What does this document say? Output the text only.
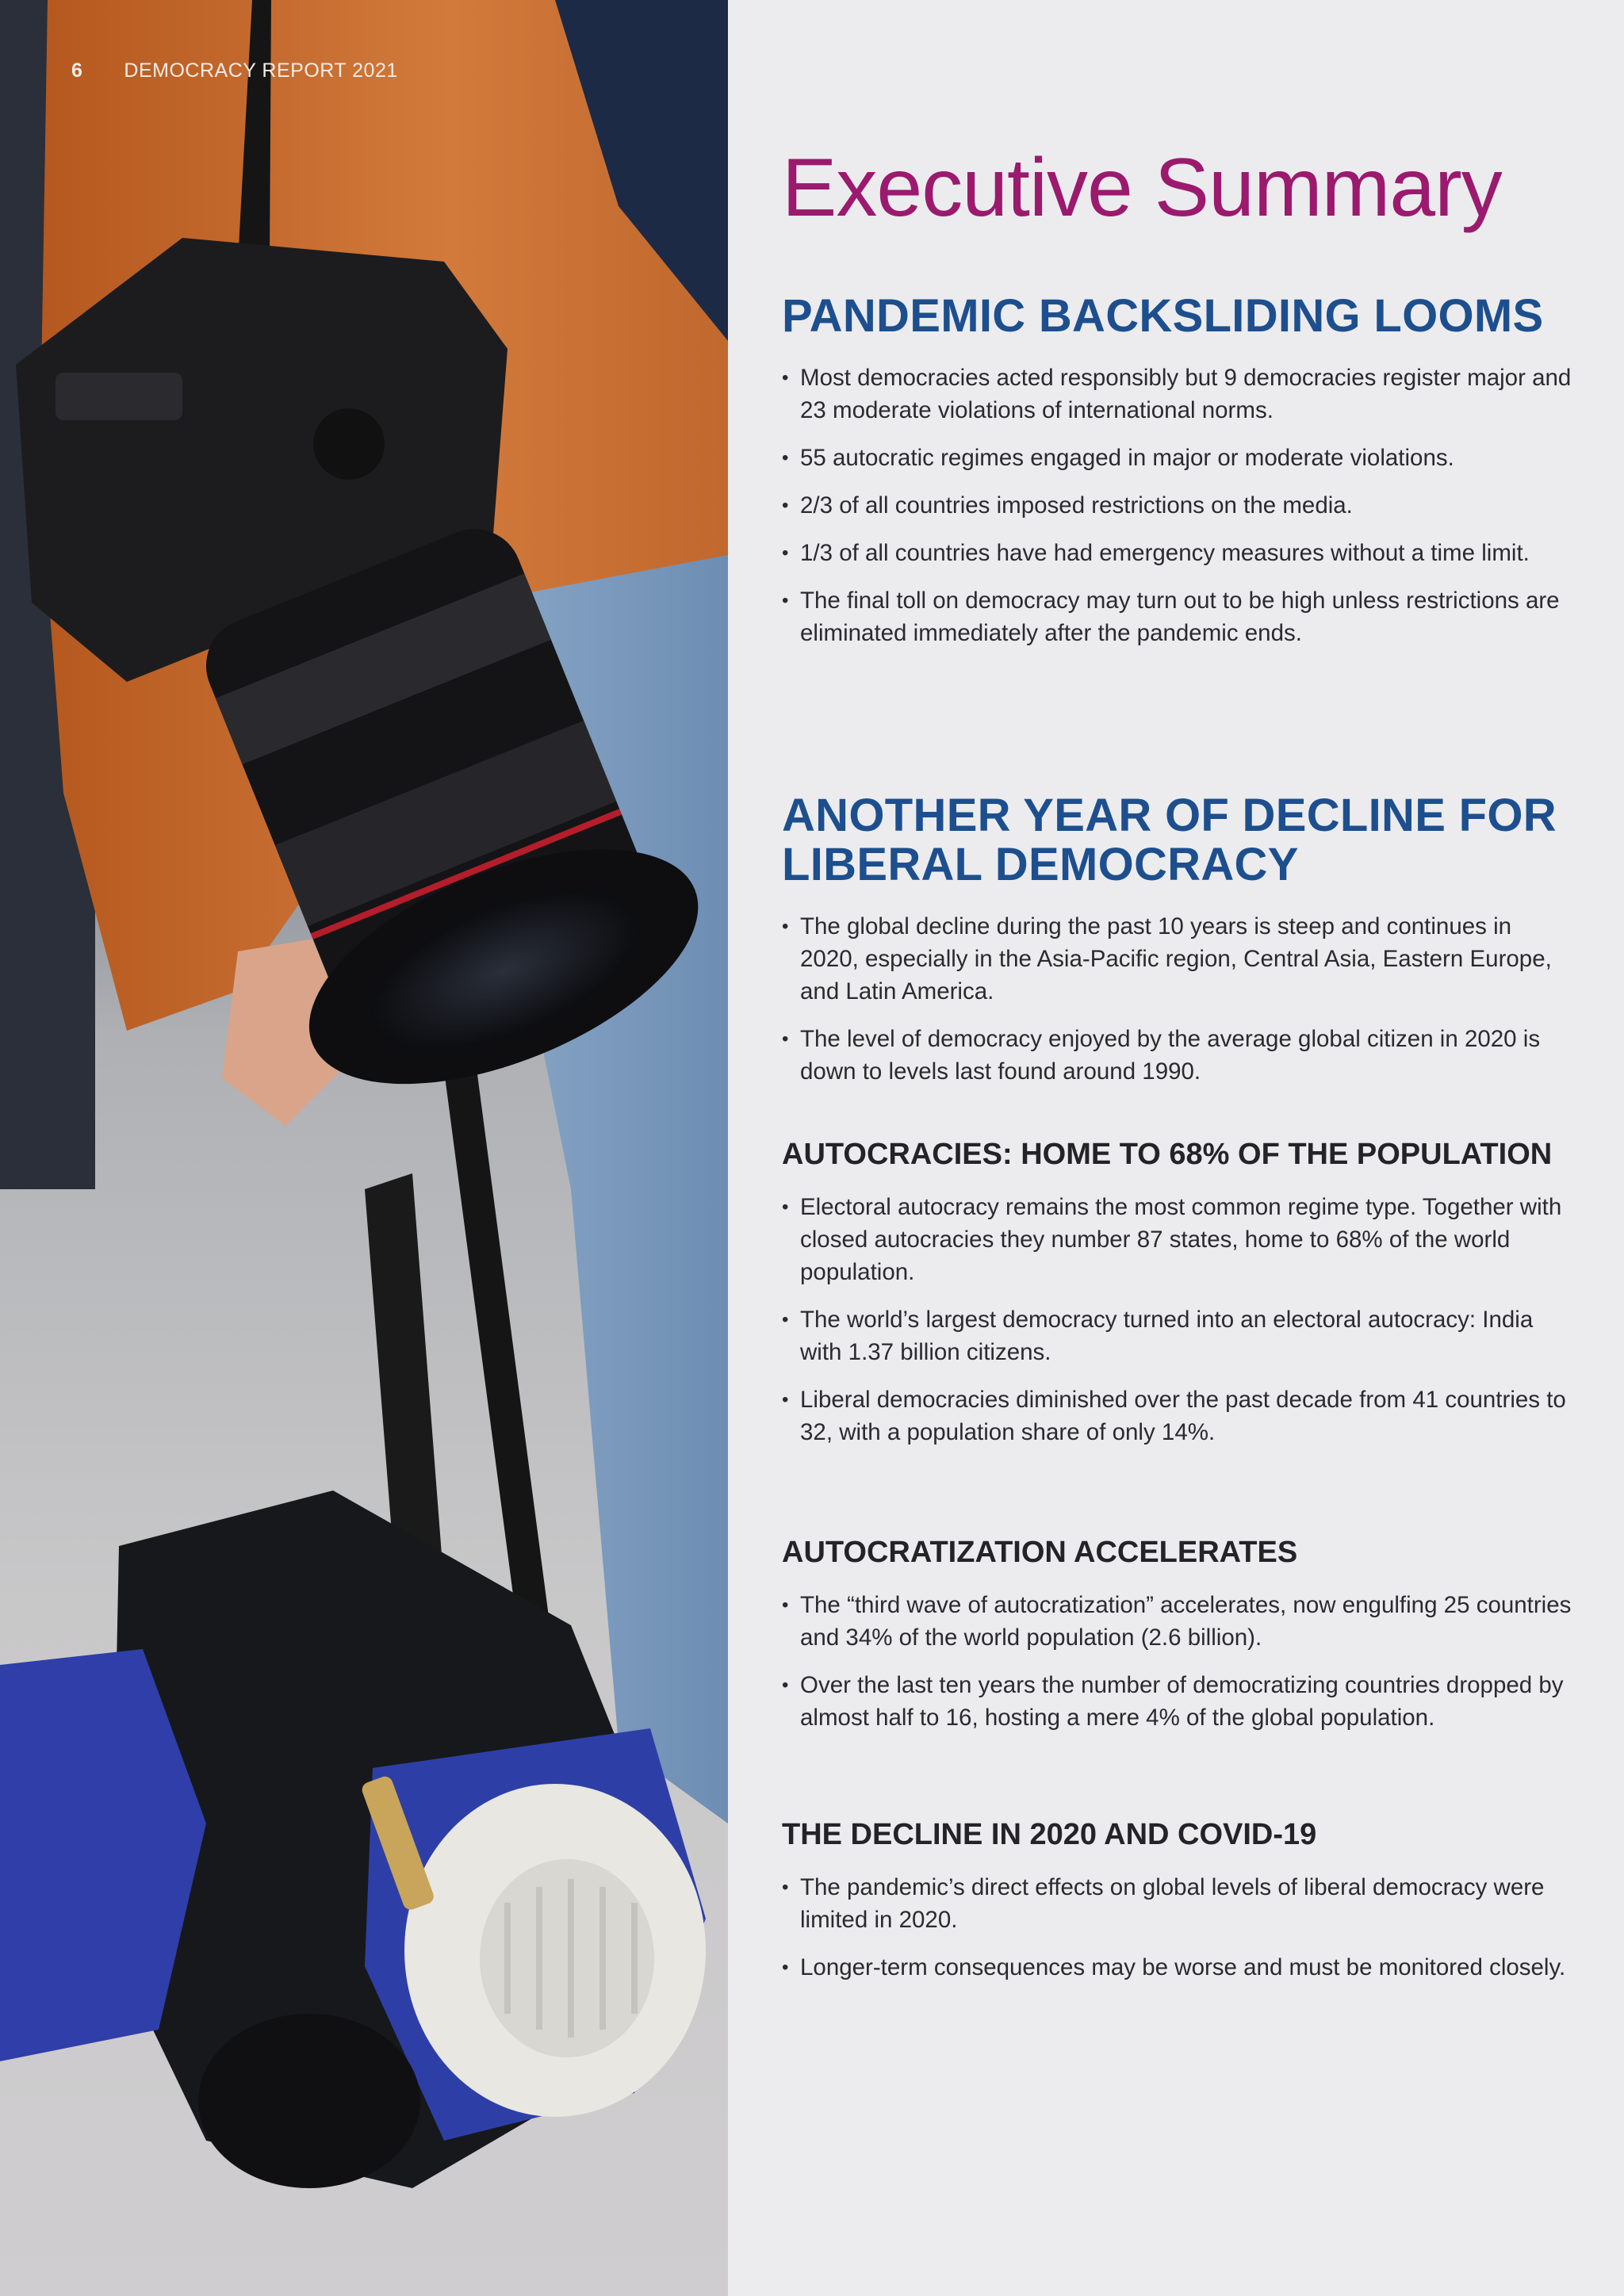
6 DEMOCRACY REPORT 2021
Executive Summary
PANDEMIC BACKSLIDING LOOMS
• Most democracies acted responsibly but 9 democracies register major and 23 moderate violations of international norms.
• 55 autocratic regimes engaged in major or moderate violations.
• 2/3 of all countries imposed restrictions on the media.
• 1/3 of all countries have had emergency measures without a time limit.
• The final toll on democracy may turn out to be high unless restrictions are eliminated immediately after the pandemic ends.
ANOTHER YEAR OF DECLINE FOR LIBERAL DEMOCRACY
• The global decline during the past 10 years is steep and continues in 2020, especially in the Asia-Pacific region, Central Asia, Eastern Europe, and Latin America.
• The level of democracy enjoyed by the average global citizen in 2020 is down to levels last found around 1990.
AUTOCRACIES: HOME TO 68% OF THE POPULATION
• Electoral autocracy remains the most common regime type. Together with closed autocracies they number 87 states, home to 68% of the world population.
• The world’s largest democracy turned into an electoral autocracy: India with 1.37 billion citizens.
• Liberal democracies diminished over the past decade from 41 countries to 32, with a population share of only 14%.
AUTOCRATIZATION ACCELERATES
• The “third wave of autocratization” accelerates, now engulfing 25 countries and 34% of the world population (2.6 billion).
• Over the last ten years the number of democratizing countries dropped by almost half to 16, hosting a mere 4% of the global population.
THE DECLINE IN 2020 AND COVID-19
• The pandemic’s direct effects on global levels of liberal democracy were limited in 2020.
• Longer-term consequences may be worse and must be monitored closely.
